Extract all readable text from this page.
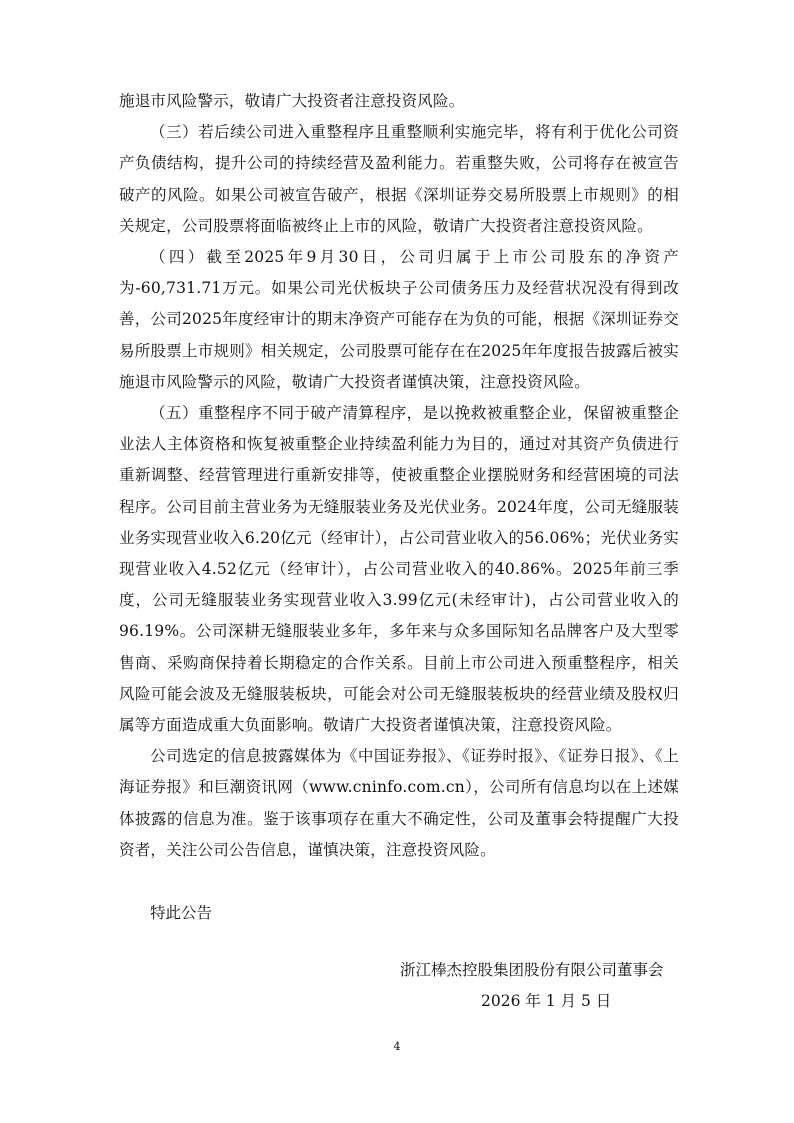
施退市风险警示，敬请广大投资者注意投资风险。

（三）若后续公司进入重整程序且重整顺利实施完毕，将有利于优化公司资产负债结构，提升公司的持续经营及盈利能力。若重整失败，公司将存在被宣告破产的风险。如果公司被宣告破产，根据《深圳证券交易所股票上市规则》的相关规定，公司股票将面临被终止上市的风险，敬请广大投资者注意投资风险。

（四）截至2025年9月30日，公司归属于上市公司股东的净资产为-60,731.71万元。如果公司光伏板块子公司债务压力及经营状况没有得到改善，公司2025年度经审计的期末净资产可能存在为负的可能，根据《深圳证券交易所股票上市规则》相关规定，公司股票可能存在在2025年年度报告披露后被实施退市风险警示的风险，敬请广大投资者谨慎决策，注意投资风险。

（五）重整程序不同于破产清算程序，是以挽救被重整企业，保留被重整企业法人主体资格和恢复被重整企业持续盈利能力为目的，通过对其资产负债进行重新调整、经营管理进行重新安排等，使被重整企业摆脱财务和经营困境的司法程序。公司目前主营业务为无缝服装业务及光伏业务。2024年度，公司无缝服装业务实现营业收入6.20亿元（经审计），占公司营业收入的56.06%；光伏业务实现营业收入4.52亿元（经审计），占公司营业收入的40.86%。2025年前三季度，公司无缝服装业务实现营业收入3.99亿元(未经审计)，占公司营业收入的96.19%。公司深耕无缝服装业多年，多年来与众多国际知名品牌客户及大型零售商、采购商保持着长期稳定的合作关系。目前上市公司进入预重整程序，相关风险可能会波及无缝服装板块，可能会对公司无缝服装板块的经营业绩及股权归属等方面造成重大负面影响。敬请广大投资者谨慎决策，注意投资风险。

公司选定的信息披露媒体为《中国证券报》、《证券时报》、《证券日报》、《上海证券报》和巨潮资讯网（www.cninfo.com.cn），公司所有信息均以在上述媒体披露的信息为准。鉴于该事项存在重大不确定性，公司及董事会特提醒广大投资者，关注公司公告信息，谨慎决策，注意投资风险。

特此公告
浙江棒杰控股集团股份有限公司董事会
2026 年 1 月 5 日
4
